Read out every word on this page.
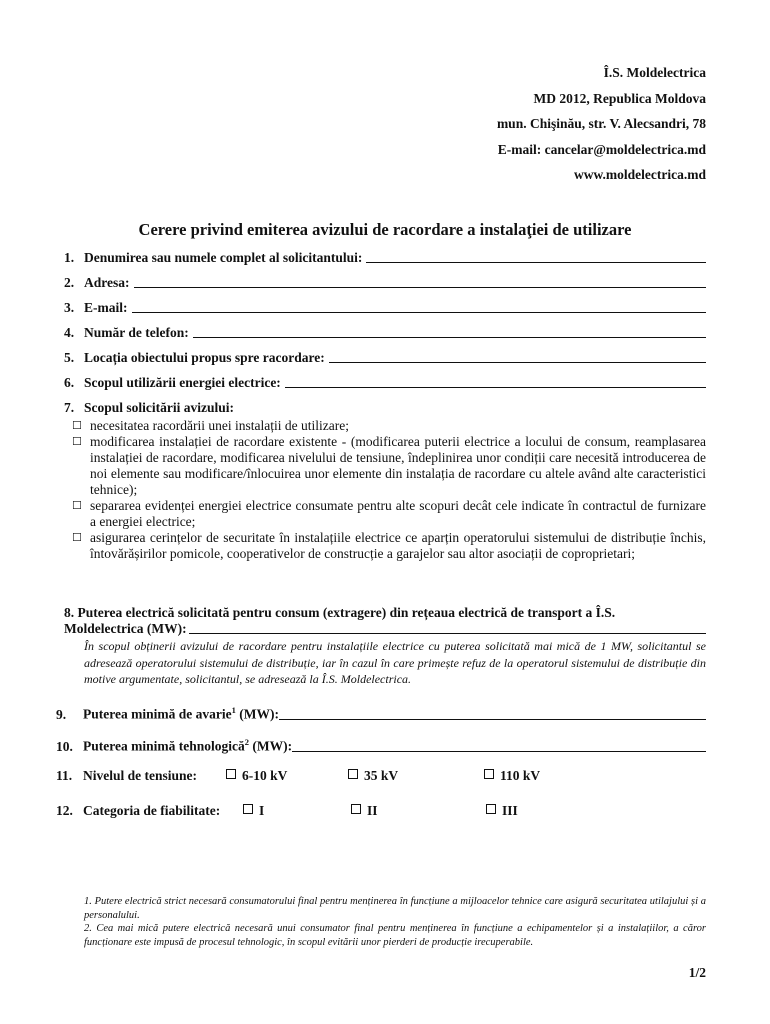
Î.S. Moldelectrica
MD 2012, Republica Moldova
mun. Chişinău, str. V. Alecsandri, 78
E-mail: cancelar@moldelectrica.md
www.moldelectrica.md
Cerere privind emiterea avizului de racordare a instalaţiei de utilizare
1. Denumirea sau numele complet al solicitantului:
2. Adresa:
3. E-mail:
4. Număr de telefon:
5. Locația obiectului propus spre racordare:
6. Scopul utilizării energiei electrice:
7. Scopul solicitării avizului:
☐ necesitatea racordării unei instalații de utilizare;
☐ modificarea instalației de racordare existente - (modificarea puterii electrice a locului de consum, reamplasarea instalației de racordare, modificarea nivelului de tensiune, îndeplinirea unor condiții care necesită introducerea de noi elemente sau modificare/înlocuirea unor elemente din instalația de racordare cu altele având alte caracteristici tehnice);
☐ separarea evidenței energiei electrice consumate pentru alte scopuri decât cele indicate în contractul de furnizare a energiei electrice;
☐ asigurarea cerințelor de securitate în instalațiile electrice ce aparțin operatorului sistemului de distribuție închis, întovărășirilor pomicole, cooperativelor de construcție a garajelor sau altor asociații de coproprietari;
8. Puterea electrică solicitată pentru consum (extragere) din rețeaua electrică de transport a Î.S.
Moldelectrica (MW):
În scopul obținerii avizului de racordare pentru instalațiile electrice cu puterea solicitată mai mică de 1 MW, solicitantul se adresează operatorului sistemului de distribuție, iar în cazul în care primește refuz de la operatorul sistemului de distribuție din motive argumentate, solicitantul, se adresează la Î.S. Moldelectrica.
9.	Puterea minimă de avarie$^1$ (MW):
10. Puterea minimă tehnologică$^2$ (MW):
11. Nivelul de tensiune:	6-10 kV	35 kV	110 kV
12. Categoria de fiabilitate:	I	II	III
1. Putere electrică strict necesară consumatorului final pentru menținerea în funcțiune a mijloacelor tehnice care asigură securitatea utilajului și a personalului.
2. Cea mai mică putere electrică necesară unui consumator final pentru menținerea în funcțiune a echipamentelor și a instalațiilor, a căror funcționare este impusă de procesul tehnologic, în scopul evitării unor pierderi de producție irecuperabile.
1/2
